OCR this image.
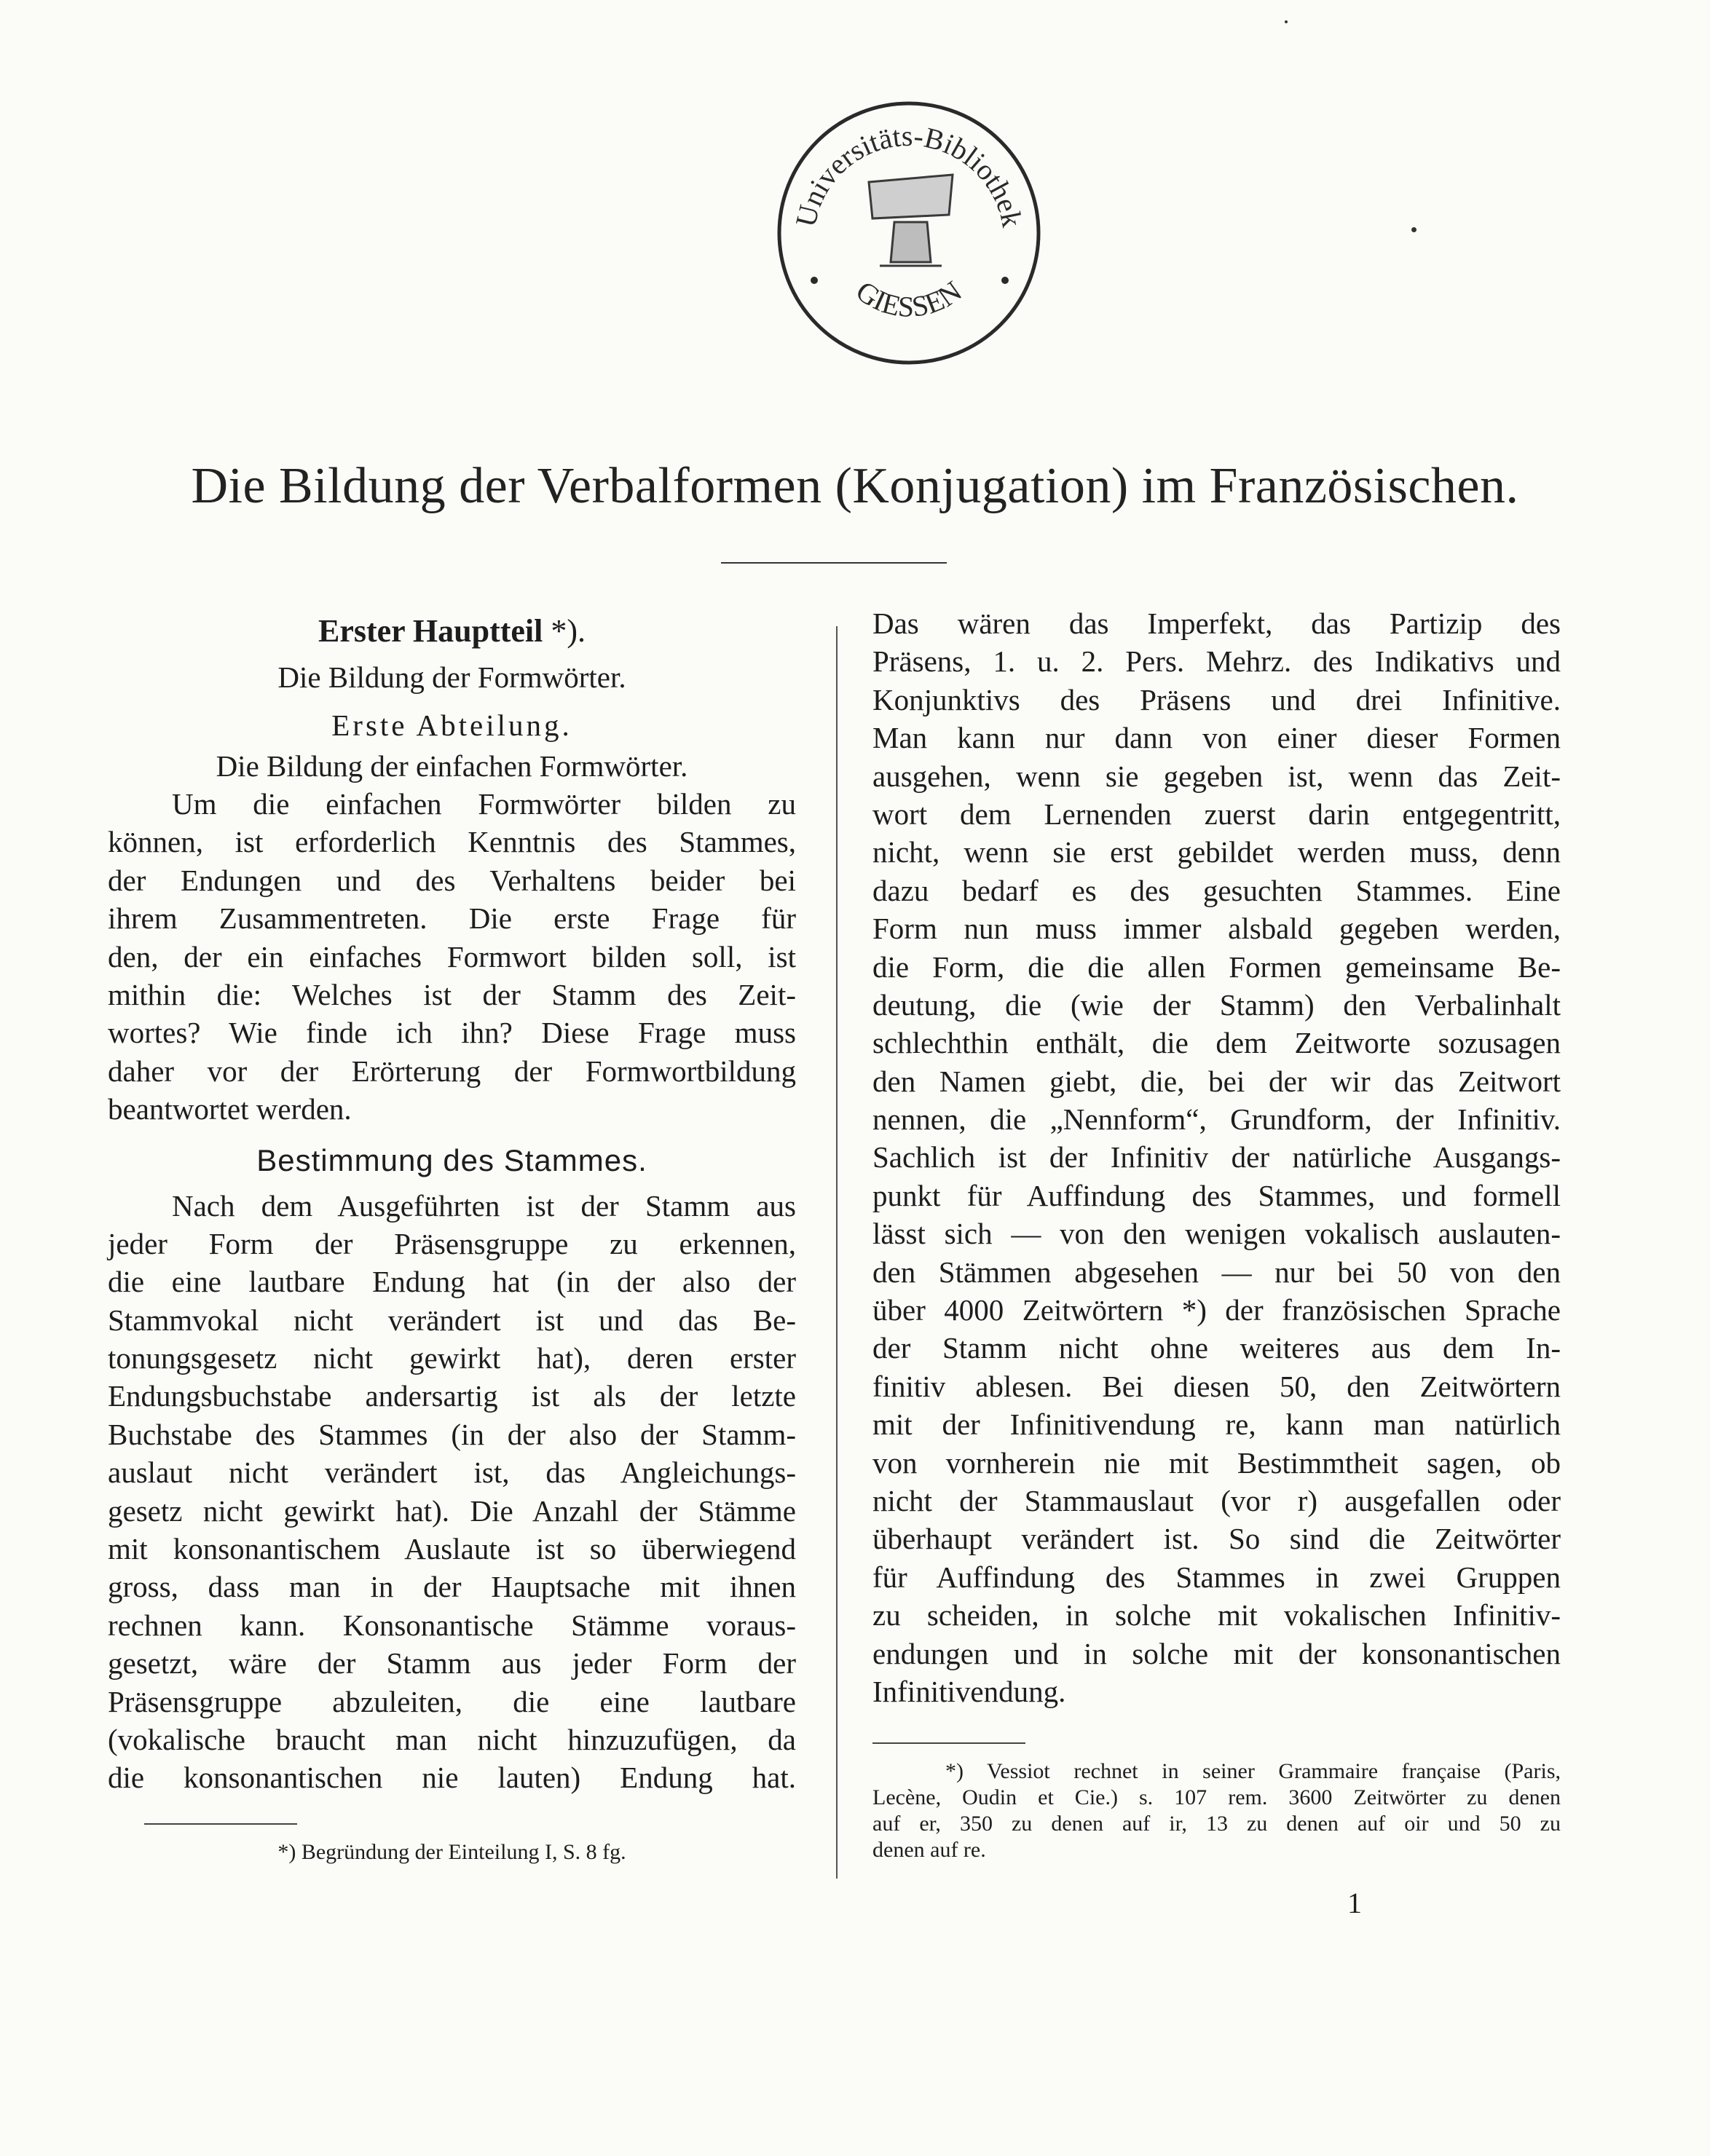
Universitäts-Bibliothek
GIESSEN
Die Bildung der Verbalformen (Konjugation) im Französischen.
Erster Hauptteil *).
Die Bildung der Formwörter.
Erste Abteilung.
Die Bildung der einfachen Formwörter.
Um die einfachen Formwörter bilden zu
können, ist erforderlich Kenntnis des Stammes,
der Endungen und des Verhaltens beider bei
ihrem Zusammentreten. Die erste Frage für
den, der ein einfaches Formwort bilden soll, ist
mithin die: Welches ist der Stamm des Zeit-
wortes? Wie finde ich ihn? Diese Frage muss
daher vor der Erörterung der Formwortbildung
beantwortet werden.
Bestimmung des Stammes.
Nach dem Ausgeführten ist der Stamm aus
jeder Form der Präsensgruppe zu erkennen,
die eine lautbare Endung hat (in der also der
Stammvokal nicht verändert ist und das Be-
tonungsgesetz nicht gewirkt hat), deren erster
Endungsbuchstabe andersartig ist als der letzte
Buchstabe des Stammes (in der also der Stamm-
auslaut nicht verändert ist, das Angleichungs-
gesetz nicht gewirkt hat). Die Anzahl der Stämme
mit konsonantischem Auslaute ist so überwiegend
gross, dass man in der Hauptsache mit ihnen
rechnen kann. Konsonantische Stämme voraus-
gesetzt, wäre der Stamm aus jeder Form der
Präsensgruppe abzuleiten, die eine lautbare
(vokalische braucht man nicht hinzuzufügen, da
die konsonantischen nie lauten) Endung hat.
*) Begründung der Einteilung I, S. 8 fg.
Das wären das Imperfekt, das Partizip des
Präsens, 1. u. 2. Pers. Mehrz. des Indikativs und
Konjunktivs des Präsens und drei Infinitive.
Man kann nur dann von einer dieser Formen
ausgehen, wenn sie gegeben ist, wenn das Zeit-
wort dem Lernenden zuerst darin entgegentritt,
nicht, wenn sie erst gebildet werden muss, denn
dazu bedarf es des gesuchten Stammes. Eine
Form nun muss immer alsbald gegeben werden,
die Form, die die allen Formen gemeinsame Be-
deutung, die (wie der Stamm) den Verbalinhalt
schlechthin enthält, die dem Zeitworte sozusagen
den Namen giebt, die, bei der wir das Zeitwort
nennen, die „Nennform“, Grundform, der Infinitiv.
Sachlich ist der Infinitiv der natürliche Ausgangs-
punkt für Auffindung des Stammes, und formell
lässt sich — von den wenigen vokalisch auslauten-
den Stämmen abgesehen — nur bei 50 von den
über 4000 Zeitwörtern *) der französischen Sprache
der Stamm nicht ohne weiteres aus dem In-
finitiv ablesen. Bei diesen 50, den Zeitwörtern
mit der Infinitivendung re, kann man natürlich
von vornherein nie mit Bestimmtheit sagen, ob
nicht der Stammauslaut (vor r) ausgefallen oder
überhaupt verändert ist. So sind die Zeitwörter
für Auffindung des Stammes in zwei Gruppen
zu scheiden, in solche mit vokalischen Infinitiv-
endungen und in solche mit der konsonantischen
Infinitivendung.
*) Vessiot rechnet in seiner Grammaire française (Paris,
Lecène, Oudin et Cie.) s. 107 rem. 3600 Zeitwörter zu denen
auf er, 350 zu denen auf ir, 13 zu denen auf oir und 50 zu
denen auf re.
1
